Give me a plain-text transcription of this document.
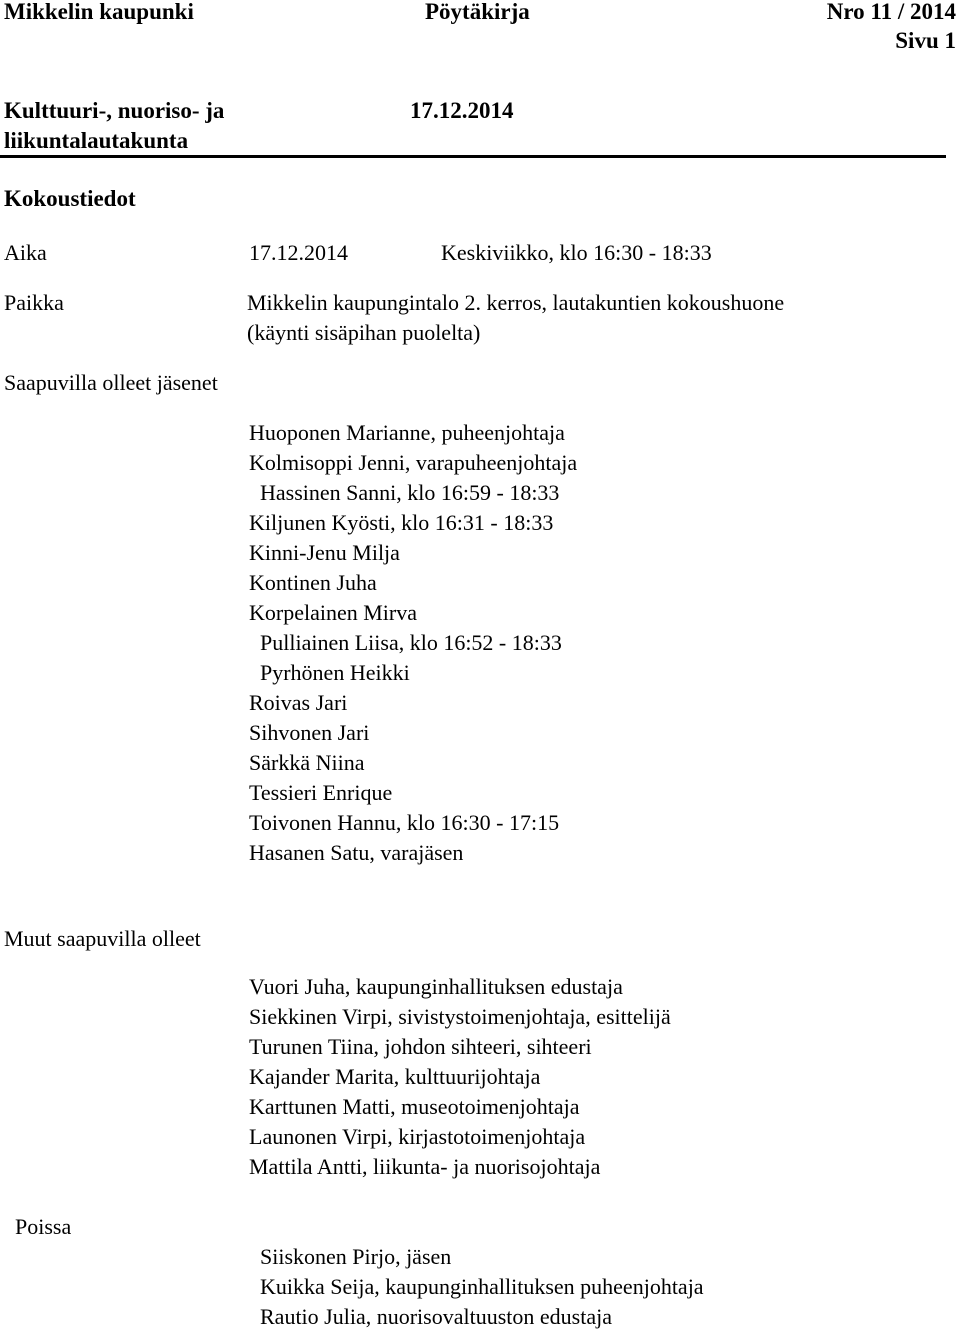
Mikkelin kaupunki	Pöytäkirja	Nro 11 / 2014
Sivu 1
Kulttuuri-, nuoriso- ja
liikuntalautakunta
17.12.2014
Kokoustiedot
Aika	17.12.2014	Keskiviikko, klo 16:30 - 18:33
Paikka	Mikkelin kaupungintalo 2. kerros, lautakuntien kokoushuone
(käynti sisäpihan puolelta)
Saapuvilla olleet jäsenet
Huoponen Marianne, puheenjohtaja
Kolmisoppi Jenni, varapuheenjohtaja
Hassinen Sanni, klo 16:59 - 18:33
Kiljunen Kyösti, klo 16:31 - 18:33
Kinni-Jenu Milja
Kontinen Juha
Korpelainen Mirva
Pulliainen Liisa, klo 16:52 - 18:33
Pyrhönen Heikki
Roivas Jari
Sihvonen Jari
Särkkä Niina
Tessieri Enrique
Toivonen Hannu, klo 16:30 - 17:15
Hasanen Satu, varajäsen
Muut saapuvilla olleet
Vuori Juha, kaupunginhallituksen edustaja
Siekkinen Virpi, sivistystoimenjohtaja, esittelijä
Turunen Tiina, johdon sihteeri, sihteeri
Kajander Marita, kulttuurijohtaja
Karttunen Matti, museotoimenjohtaja
Launonen Virpi, kirjastotoimenjohtaja
Mattila Antti, liikunta- ja nuorisojohtaja
Poissa
Siiskonen Pirjo, jäsen
Kuikka Seija, kaupunginhallituksen puheenjohtaja
Rautio Julia, nuorisovaltuuston edustaja
